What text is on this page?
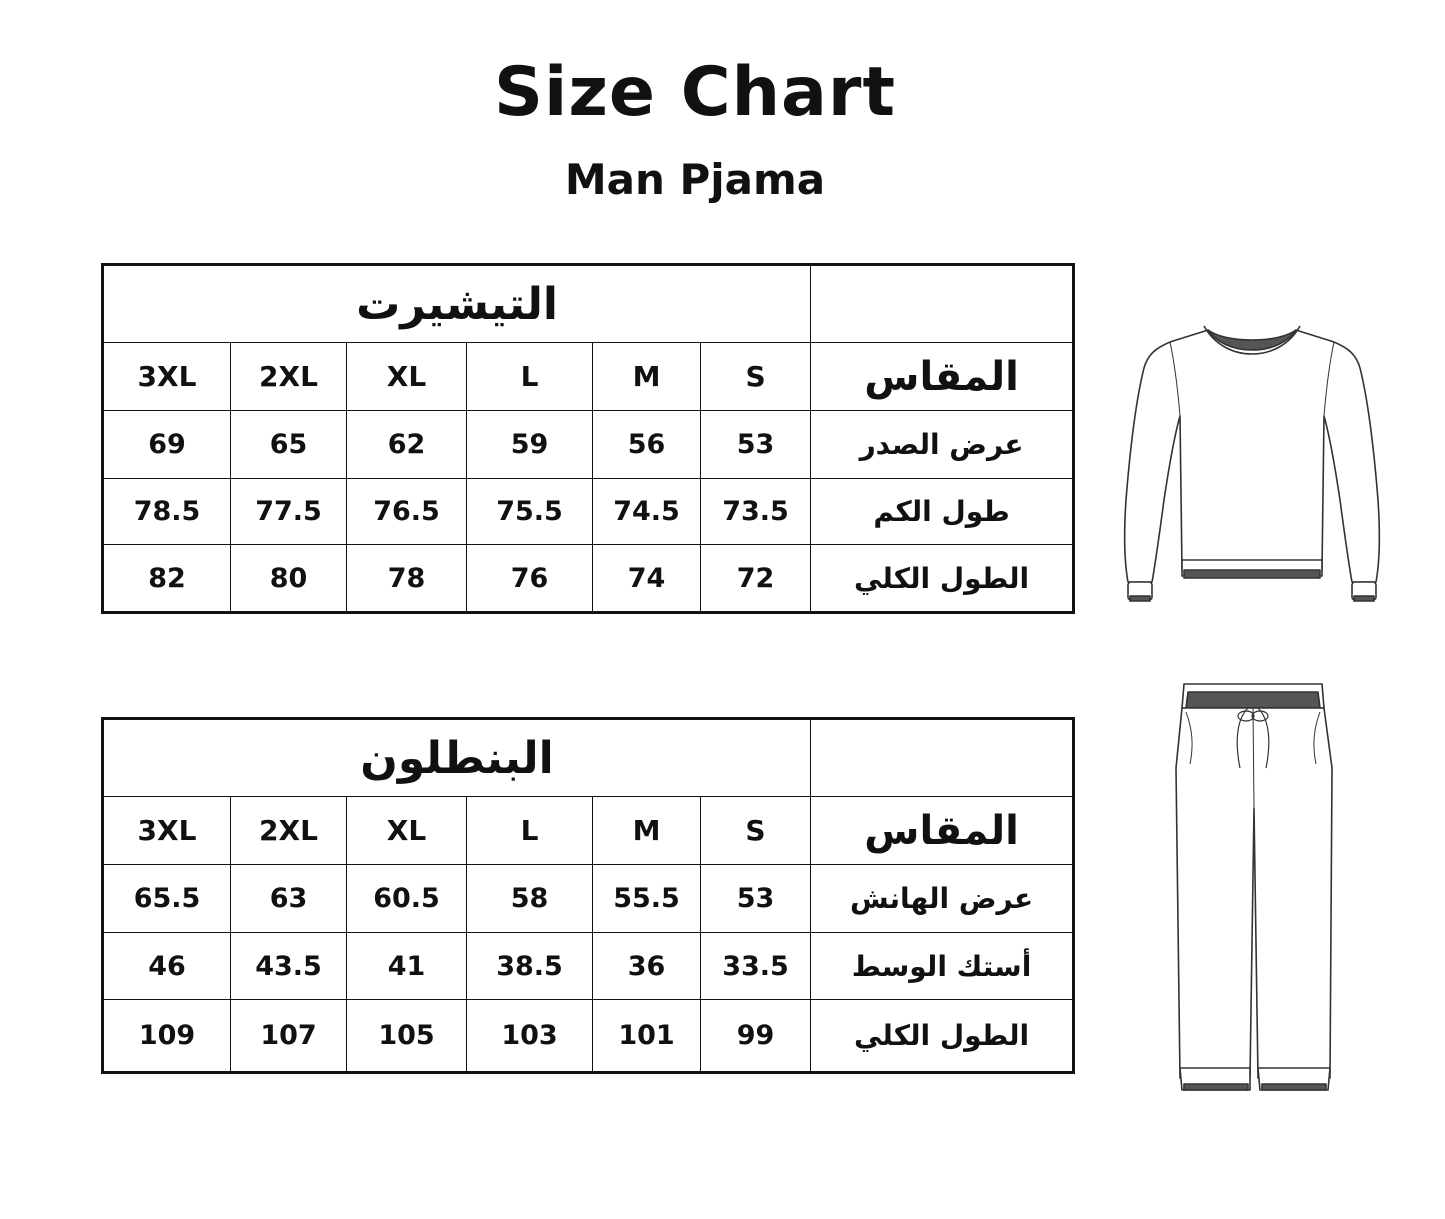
Size Chart
Man Pjama
التيشيرت						
3XL	2XL	XL	L	M	S	المقاس
69	65	62	59	56	53	عرض الصدر
78.5	77.5	76.5	75.5	74.5	73.5	طول الكم
82	80	78	76	74	72	الطول الكلي
البنطلون						
3XL	2XL	XL	L	M	S	المقاس
65.5	63	60.5	58	55.5	53	عرض الهانش
46	43.5	41	38.5	36	33.5	أستك الوسط
109	107	105	103	101	99	الطول الكلي
